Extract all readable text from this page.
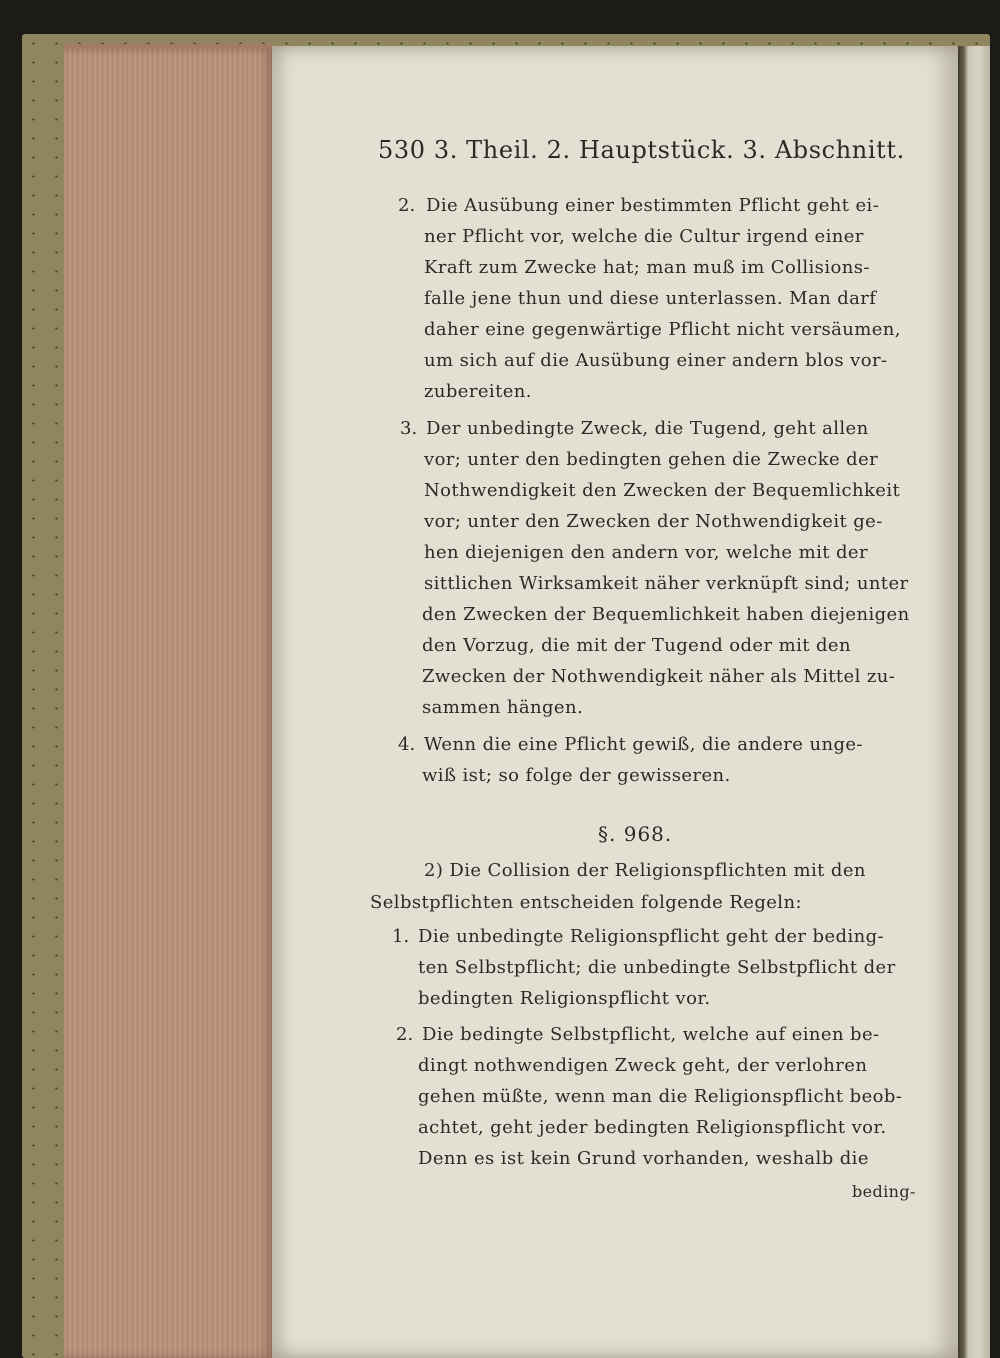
530 3. Theil. 2. Hauptstück. 3. Abschnitt.
2. Die Ausübung einer bestimmten Pflicht geht ei-
ner Pflicht vor, welche die Cultur irgend einer
Kraft zum Zwecke hat; man muß im Collisions-
falle jene thun und diese unterlassen. Man darf
daher eine gegenwärtige Pflicht nicht versäumen,
um sich auf die Ausübung einer andern blos vor-
zubereiten.
3. Der unbedingte Zweck, die Tugend, geht allen
vor; unter den bedingten gehen die Zwecke der
Nothwendigkeit den Zwecken der Bequemlichkeit
vor; unter den Zwecken der Nothwendigkeit ge-
hen diejenigen den andern vor, welche mit der
sittlichen Wirksamkeit näher verknüpft sind; unter
den Zwecken der Bequemlichkeit haben diejenigen
den Vorzug, die mit der Tugend oder mit den
Zwecken der Nothwendigkeit näher als Mittel zu-
sammen hängen.
4. Wenn die eine Pflicht gewiß, die andere unge-
wiß ist; so folge der gewisseren.
§. 968.
2) Die Collision der Religionspflichten mit den
Selbstpflichten entscheiden folgende Regeln:
1. Die unbedingte Religionspflicht geht der beding-
ten Selbstpflicht; die unbedingte Selbstpflicht der
bedingten Religionspflicht vor.
2. Die bedingte Selbstpflicht, welche auf einen be-
dingt nothwendigen Zweck geht, der verlohren
gehen müßte, wenn man die Religionspflicht beob-
achtet, geht jeder bedingten Religionspflicht vor.
Denn es ist kein Grund vorhanden, weshalb die
beding-
